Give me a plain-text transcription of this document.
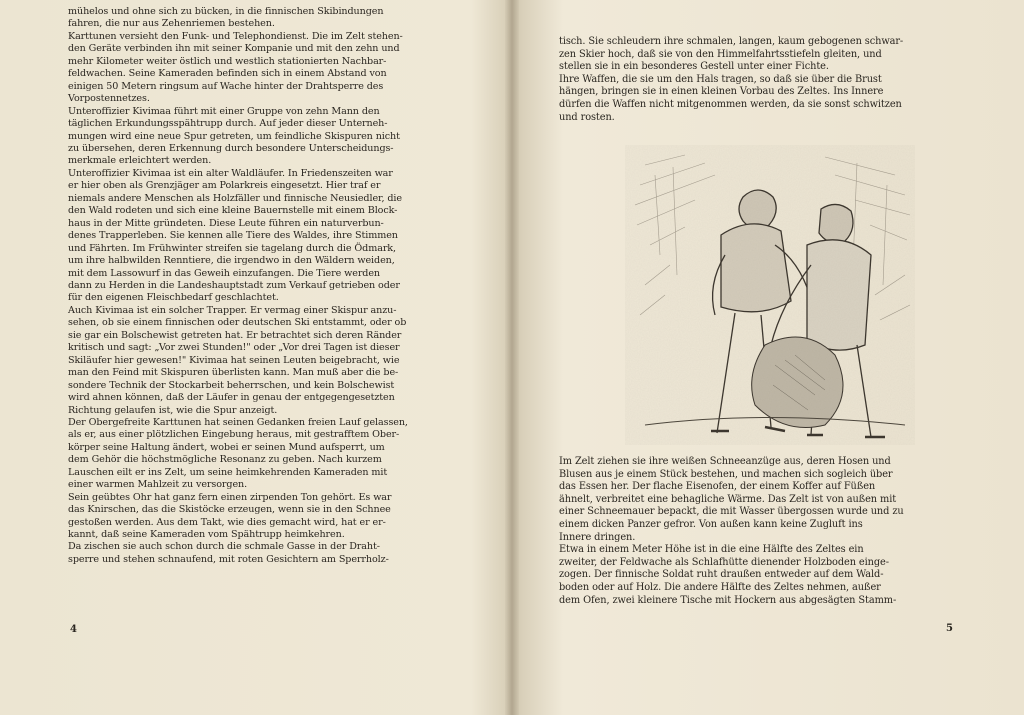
mühelos und ohne sich zu bücken, in die finnischen Skibindungen
fahren, die nur aus Zehenriemen bestehen.

Karttunen versieht den Funk- und Telephondienst. Die im Zelt stehen-
den Geräte verbinden ihn mit seiner Kompanie und mit den zehn und
mehr Kilometer weiter östlich und westlich stationierten Nachbar-
feldwachen. Seine Kameraden befinden sich in einem Abstand von
einigen 50 Metern ringsum auf Wache hinter der Drahtsperre des
Vorpostennetzes.

Unteroffizier Kivimaa führt mit einer Gruppe von zehn Mann den
täglichen Erkundungsspähtrupp durch. Auf jeder dieser Unterneh-
mungen wird eine neue Spur getreten, um feindliche Skispuren nicht
zu übersehen, deren Erkennung durch besondere Unterscheidungs-
merkmale erleichtert werden.

Unteroffizier Kivimaa ist ein alter Waldläufer. In Friedenszeiten war
er hier oben als Grenzjäger am Polarkreis eingesetzt. Hier traf er
niemals andere Menschen als Holzfäller und finnische Neusiedler, die
den Wald rodeten und sich eine kleine Bauernstelle mit einem Block-
haus in der Mitte gründeten. Diese Leute führen ein naturverbun-
denes Trapperleben. Sie kennen alle Tiere des Waldes, ihre Stimmen
und Fährten. Im Frühwinter streifen sie tagelang durch die Ödmark,
um ihre halbwilden Renntiere, die irgendwo in den Wäldern weiden,
mit dem Lassowurf in das Geweih einzufangen. Die Tiere werden
dann zu Herden in die Landeshauptstadt zum Verkauf getrieben oder
für den eigenen Fleischbedarf geschlachtet.

Auch Kivimaa ist ein solcher Trapper. Er vermag einer Skispur anzu-
sehen, ob sie einem finnischen oder deutschen Ski entstammt, oder ob
sie gar ein Bolschewist getreten hat. Er betrachtet sich deren Ränder
kritisch und sagt: „Vor zwei Stunden!" oder „Vor drei Tagen ist dieser
Skiläufer hier gewesen!" Kivimaa hat seinen Leuten beigebracht, wie
man den Feind mit Skispuren überlisten kann. Man muß aber die be-
sondere Technik der Stockarbeit beherrschen, und kein Bolschewist
wird ahnen können, daß der Läufer in genau der entgegengesetzten
Richtung gelaufen ist, wie die Spur anzeigt.

Der Obergefreite Karttunen hat seinen Gedanken freien Lauf gelassen,
als er, aus einer plötzlichen Eingebung heraus, mit gestrafftem Ober-
körper seine Haltung ändert, wobei er seinen Mund aufsperrt, um
dem Gehör die höchstmögliche Resonanz zu geben. Nach kurzem
Lauschen eilt er ins Zelt, um seine heimkehrenden Kameraden mit
einer warmen Mahlzeit zu versorgen.

Sein geübtes Ohr hat ganz fern einen zirpenden Ton gehört. Es war
das Knirschen, das die Skistöcke erzeugen, wenn sie in den Schnee
gestoßen werden. Aus dem Takt, wie dies gemacht wird, hat er er-
kannt, daß seine Kameraden vom Spähtrupp heimkehren.

Da zischen sie auch schon durch die schmale Gasse in der Draht-
sperre und stehen schnaufend, mit roten Gesichtern am Sperrholz-

4

tisch. Sie schleudern ihre schmalen, langen, kaum gebogenen schwar-
zen Skier hoch, daß sie von den Himmelfahrtsstiefeln gleiten, und
stellen sie in ein besonderes Gestell unter einer Fichte.

Ihre Waffen, die sie um den Hals tragen, so daß sie über die Brust
hängen, bringen sie in einen kleinen Vorbau des Zeltes. Ins Innere
dürfen die Waffen nicht mitgenommen werden, da sie sonst schwitzen
und rosten.

Im Zelt ziehen sie ihre weißen Schneeanzüge aus, deren Hosen und
Blusen aus je einem Stück bestehen, und machen sich sogleich über
das Essen her. Der flache Eisenofen, der einem Koffer auf Füßen
ähnelt, verbreitet eine behagliche Wärme. Das Zelt ist von außen mit
einer Schneemauer bepackt, die mit Wasser übergossen wurde und zu
einem dicken Panzer gefror. Von außen kann keine Zugluft ins
Innere dringen.

Etwa in einem Meter Höhe ist in die eine Hälfte des Zeltes ein
zweiter, der Feldwache als Schlafhütte dienender Holzboden einge-
zogen. Der finnische Soldat ruht draußen entweder auf dem Wald-
boden oder auf Holz. Die andere Hälfte des Zeltes nehmen, außer
dem Ofen, zwei kleinere Tische mit Hockern aus abgesägten Stamm-

5
